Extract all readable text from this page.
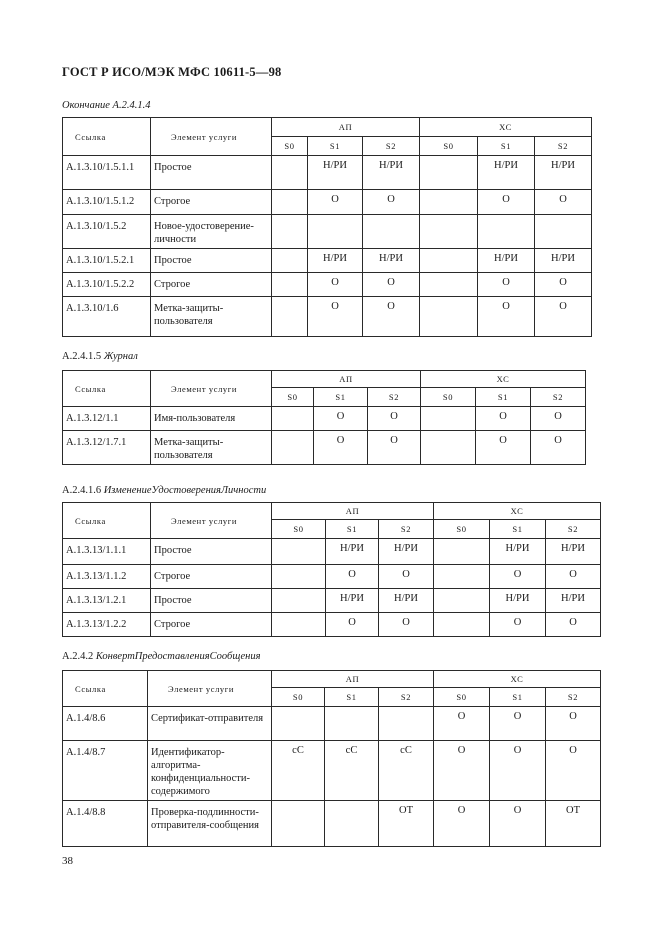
ГОСТ Р ИСО/МЭК МФС 10611-5—98
Окончание А.2.4.1.4
Ссылка	Элемент услуги	АП			ХС		
		S0	S1	S2	S0	S1	S2
А.1.3.10/1.5.1.1	Простое		Н/РИ	Н/РИ		Н/РИ	Н/РИ
А.1.3.10/1.5.1.2	Строгое		О	О		О	О
А.1.3.10/1.5.2	Новое-удостоверение-личности						
А.1.3.10/1.5.2.1	Простое		Н/РИ	Н/РИ		Н/РИ	Н/РИ
А.1.3.10/1.5.2.2	Строгое		О	О		О	О
А.1.3.10/1.6	Метка-защиты-пользователя		О	О		О	О
А.2.4.1.5 Журнал
Ссылка	Элемент услуги	АП			ХС		
		S0	S1	S2	S0	S1	S2
А.1.3.12/1.1	Имя-пользователя		О	О		О	О
А.1.3.12/1.7.1	Метка-защиты-пользователя		О	О		О	О
А.2.4.1.6 ИзменениеУдостоверенияЛичности
Ссылка	Элемент услуги	АП			ХС		
		S0	S1	S2	S0	S1	S2
А.1.3.13/1.1.1	Простое		Н/РИ	Н/РИ		Н/РИ	Н/РИ
А.1.3.13/1.1.2	Строгое		О	О		О	О
А.1.3.13/1.2.1	Простое		Н/РИ	Н/РИ		Н/РИ	Н/РИ
А.1.3.13/1.2.2	Строгое		О	О		О	О
А.2.4.2 КонвертПредоставленияСообщения
Ссылка	Элемент услуги	АП			ХС		
		S0	S1	S2	S0	S1	S2
А.1.4/8.6	Сертификат-отправителя				О	О	О
А.1.4/8.7	Идентификатор-алгоритма-конфиденциальности-содержимого	сС	сС	сС	О	О	О
А.1.4/8.8	Проверка-подлинности-отправителя-сообщения			ОТ	О	О	ОТ
38
